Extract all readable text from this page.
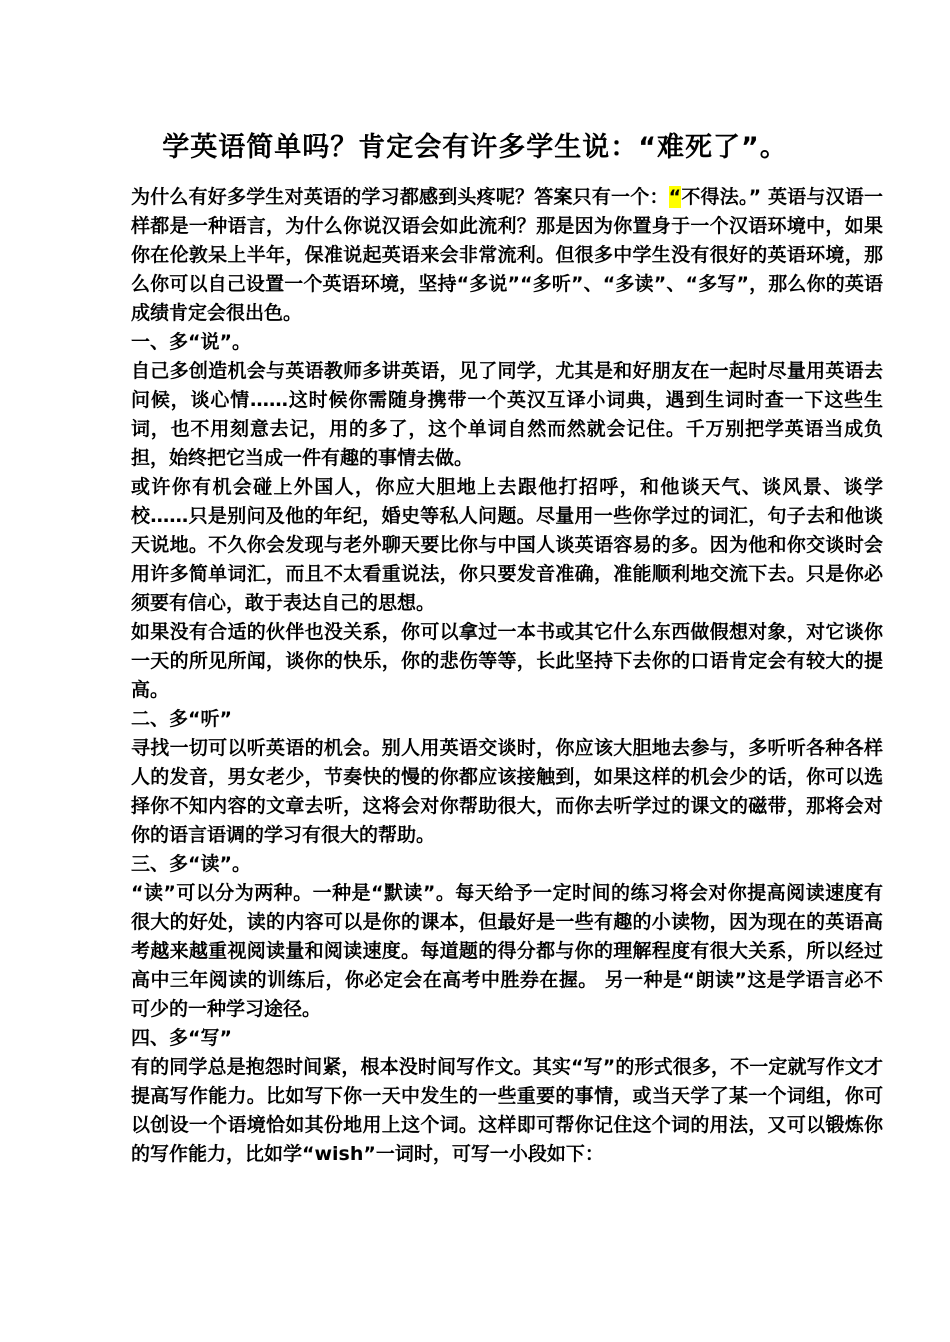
学英语简单吗？肯定会有许多学生说：“难死了”。

为什么有好多学生对英语的学习都感到头疼呢？答案只有一个：“不得法。” 英语与汉语一样都是一种语言，为什么你说汉语会如此流利？那是因为你置身于一个汉语环境中，如果你在伦敦呆上半年，保准说起英语来会非常流利。但很多中学生没有很好的英语环境，那么你可以自己设置一个英语环境，坚持“多说”“多听”、“多读”、“多写”，那么你的英语成绩肯定会很出色。

一、多“说”。

自己多创造机会与英语教师多讲英语，见了同学，尤其是和好朋友在一起时尽量用英语去问候，谈心情……这时候你需随身携带一个英汉互译小词典，遇到生词时查一下这些生词，也不用刻意去记，用的多了，这个单词自然而然就会记住。千万别把学英语当成负担，始终把它当成一件有趣的事情去做。

或许你有机会碰上外国人，你应大胆地上去跟他打招呼，和他谈天气、谈风景、谈学校……只是别问及他的年纪，婚史等私人问题。尽量用一些你学过的词汇，句子去和他谈天说地。不久你会发现与老外聊天要比你与中国人谈英语容易的多。因为他和你交谈时会用许多简单词汇，而且不太看重说法，你只要发音准确，准能顺利地交流下去。只是你必须要有信心，敢于表达自己的思想。

如果没有合适的伙伴也没关系，你可以拿过一本书或其它什么东西做假想对象，对它谈你一天的所见所闻，谈你的快乐，你的悲伤等等，长此坚持下去你的口语肯定会有较大的提高。

二、多“听”

寻找一切可以听英语的机会。别人用英语交谈时，你应该大胆地去参与，多听听各种各样人的发音，男女老少，节奏快的慢的你都应该接触到，如果这样的机会少的话，你可以选择你不知内容的文章去听，这将会对你帮助很大，而你去听学过的课文的磁带，那将会对你的语言语调的学习有很大的帮助。

三、多“读”。

“读”可以分为两种。一种是“默读”。每天给予一定时间的练习将会对你提高阅读速度有很大的好处，读的内容可以是你的课本，但最好是一些有趣的小读物，因为现在的英语高考越来越重视阅读量和阅读速度。每道题的得分都与你的理解程度有很大关系，所以经过高中三年阅读的训练后，你必定会在高考中胜券在握。 另一种是“朗读”这是学语言必不可少的一种学习途径。

四、多“写”

有的同学总是抱怨时间紧，根本没时间写作文。其实“写”的形式很多，不一定就写作文才提高写作能力。比如写下你一天中发生的一些重要的事情，或当天学了某一个词组，你可以创设一个语境恰如其份地用上这个词。这样即可帮你记住这个词的用法，又可以锻炼你的写作能力，比如学“wish”一词时，可写一小段如下：
